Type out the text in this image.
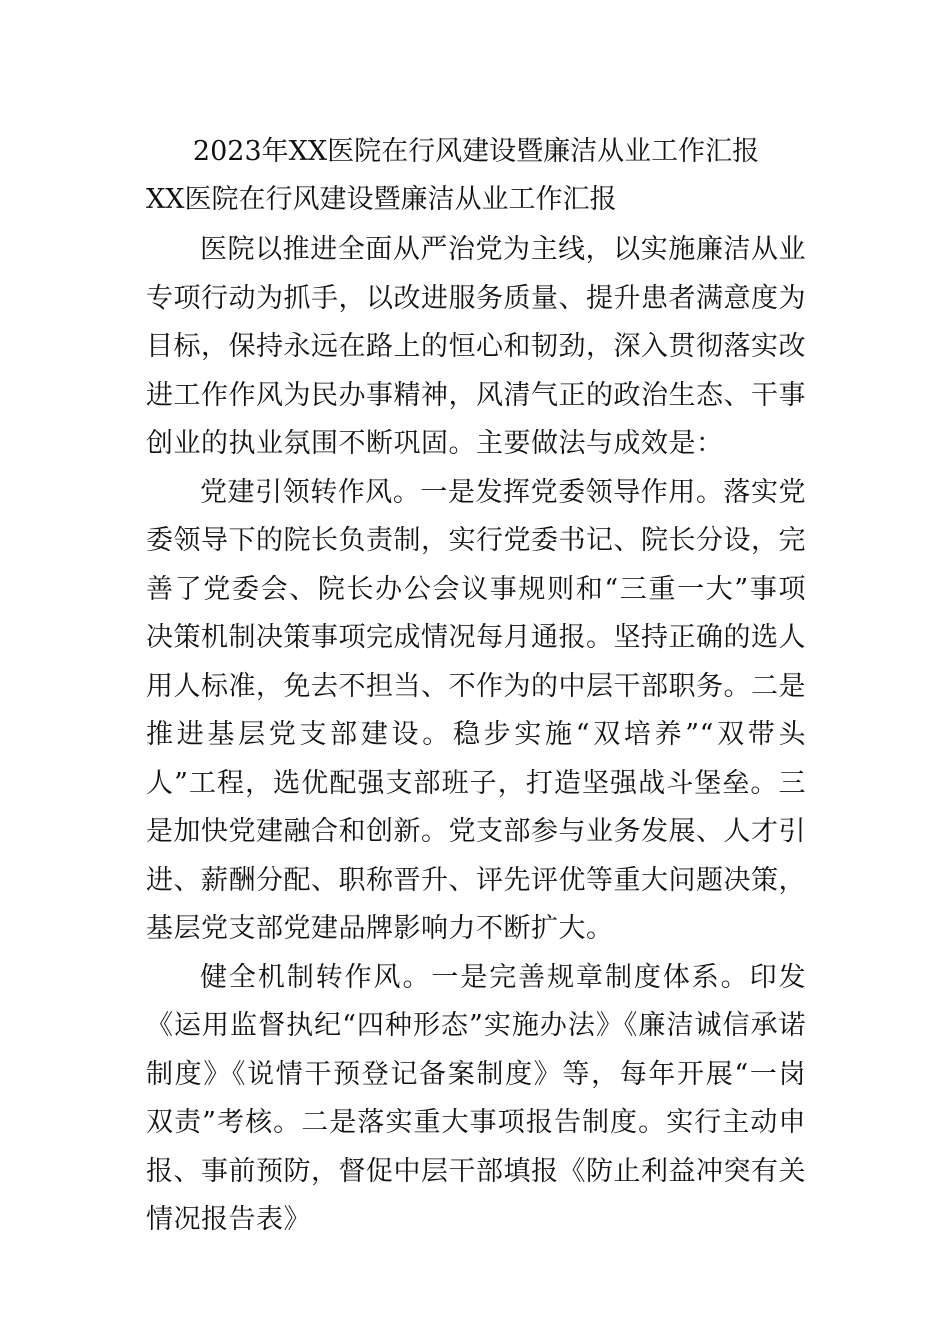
2023年XX医院在行风建设暨廉洁从业工作汇报
XX医院在行风建设暨廉洁从业工作汇报

医院以推进全面从严治党为主线，以实施廉洁从业专项行动为抓手，以改进服务质量、提升患者满意度为目标，保持永远在路上的恒心和韧劲，深入贯彻落实改进工作作风为民办事精神，风清气正的政治生态、干事创业的执业氛围不断巩固。主要做法与成效是：

党建引领转作风。一是发挥党委领导作用。落实党委领导下的院长负责制，实行党委书记、院长分设，完善了党委会、院长办公会议事规则和“三重一大”事项决策机制决策事项完成情况每月通报。坚持正确的选人用人标准，免去不担当、不作为的中层干部职务。二是推进基层党支部建设。稳步实施“双培养”“双带头人”工程，选优配强支部班子，打造坚强战斗堡垒。三是加快党建融合和创新。党支部参与业务发展、人才引进、薪酬分配、职称晋升、评先评优等重大问题决策，基层党支部党建品牌影响力不断扩大。

健全机制转作风。一是完善规章制度体系。印发《运用监督执纪“四种形态”实施办法》《廉洁诚信承诺制度》《说情干预登记备案制度》等，每年开展“一岗双责”考核。二是落实重大事项报告制度。实行主动申报、事前预防，督促中层干部填报《防止利益冲突有关情况报告表》
